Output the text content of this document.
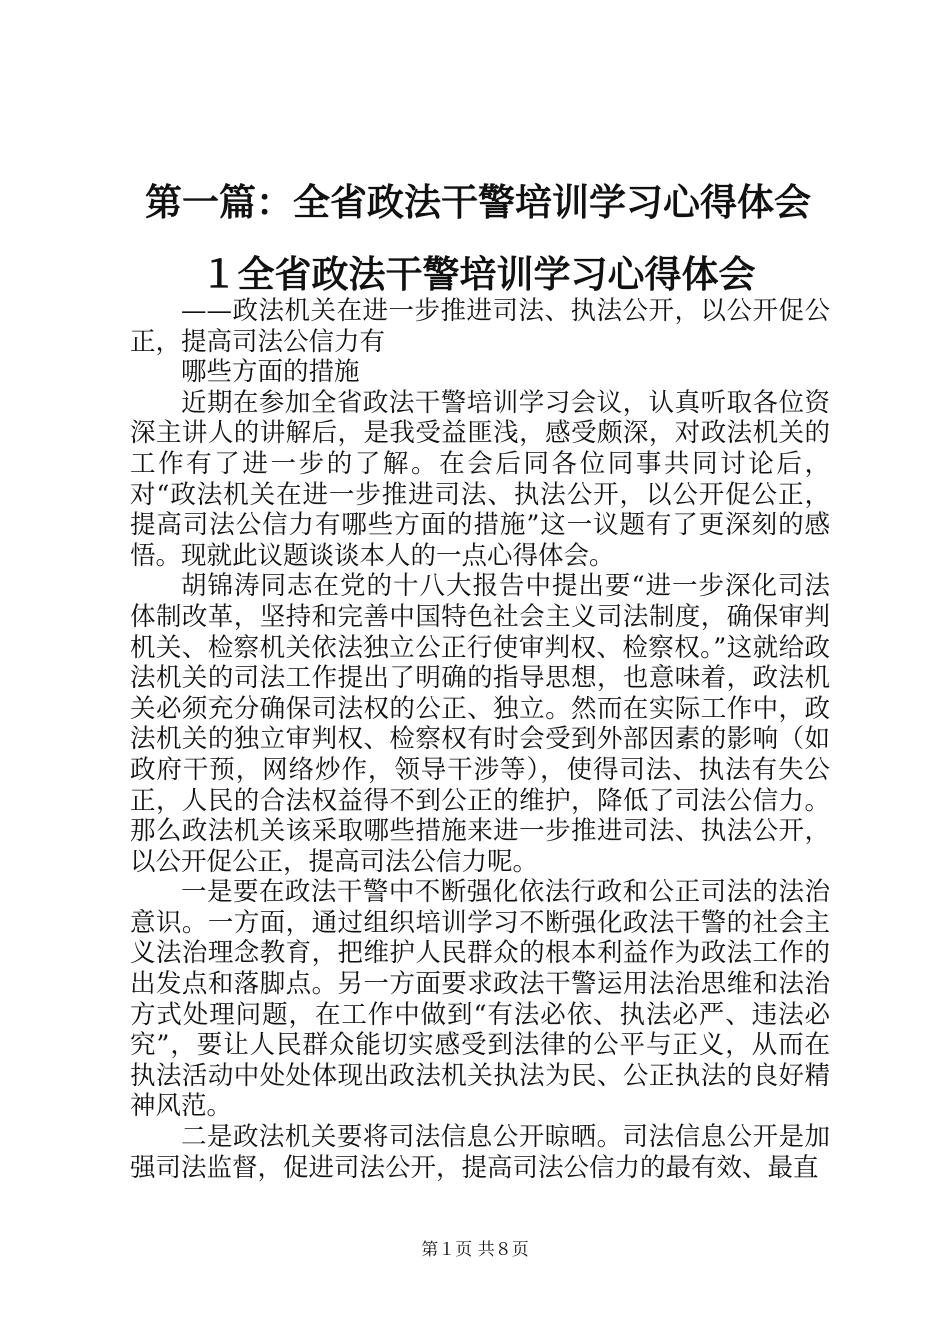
第一篇：全省政法干警培训学习心得体会１全省政法干警培训学习心得体会

——政法机关在进一步推进司法、执法公开，以公开促公正，提高司法公信力有

哪些方面的措施

近期在参加全省政法干警培训学习会议，认真听取各位资深主讲人的讲解后，是我受益匪浅，感受颇深，对政法机关的工作有了进一步的了解。在会后同各位同事共同讨论后，对“政法机关在进一步推进司法、执法公开，以公开促公正，提高司法公信力有哪些方面的措施”这一议题有了更深刻的感悟。现就此议题谈谈本人的一点心得体会。

胡锦涛同志在党的十八大报告中提出要“进一步深化司法体制改革，坚持和完善中国特色社会主义司法制度，确保审判机关、检察机关依法独立公正行使审判权、检察权。”这就给政法机关的司法工作提出了明确的指导思想，也意味着，政法机关必须充分确保司法权的公正、独立。然而在实际工作中，政法机关的独立审判权、检察权有时会受到外部因素的影响（如政府干预，网络炒作，领导干涉等），使得司法、执法有失公正，人民的合法权益得不到公正的维护，降低了司法公信力。那么政法机关该采取哪些措施来进一步推进司法、执法公开，以公开促公正，提高司法公信力呢。

一是要在政法干警中不断强化依法行政和公正司法的法治意识。一方面，通过组织培训学习不断强化政法干警的社会主义法治理念教育，把维护人民群众的根本利益作为政法工作的出发点和落脚点。另一方面要求政法干警运用法治思维和法治方式处理问题，在工作中做到“有法必依、执法必严、违法必究”，要让人民群众能切实感受到法律的公平与正义，从而在执法活动中处处体现出政法机关执法为民、公正执法的良好精神风范。

二是政法机关要将司法信息公开晾晒。司法信息公开是加强司法监督，促进司法公开，提高司法公信力的最有效、最直

第１页 共８页
